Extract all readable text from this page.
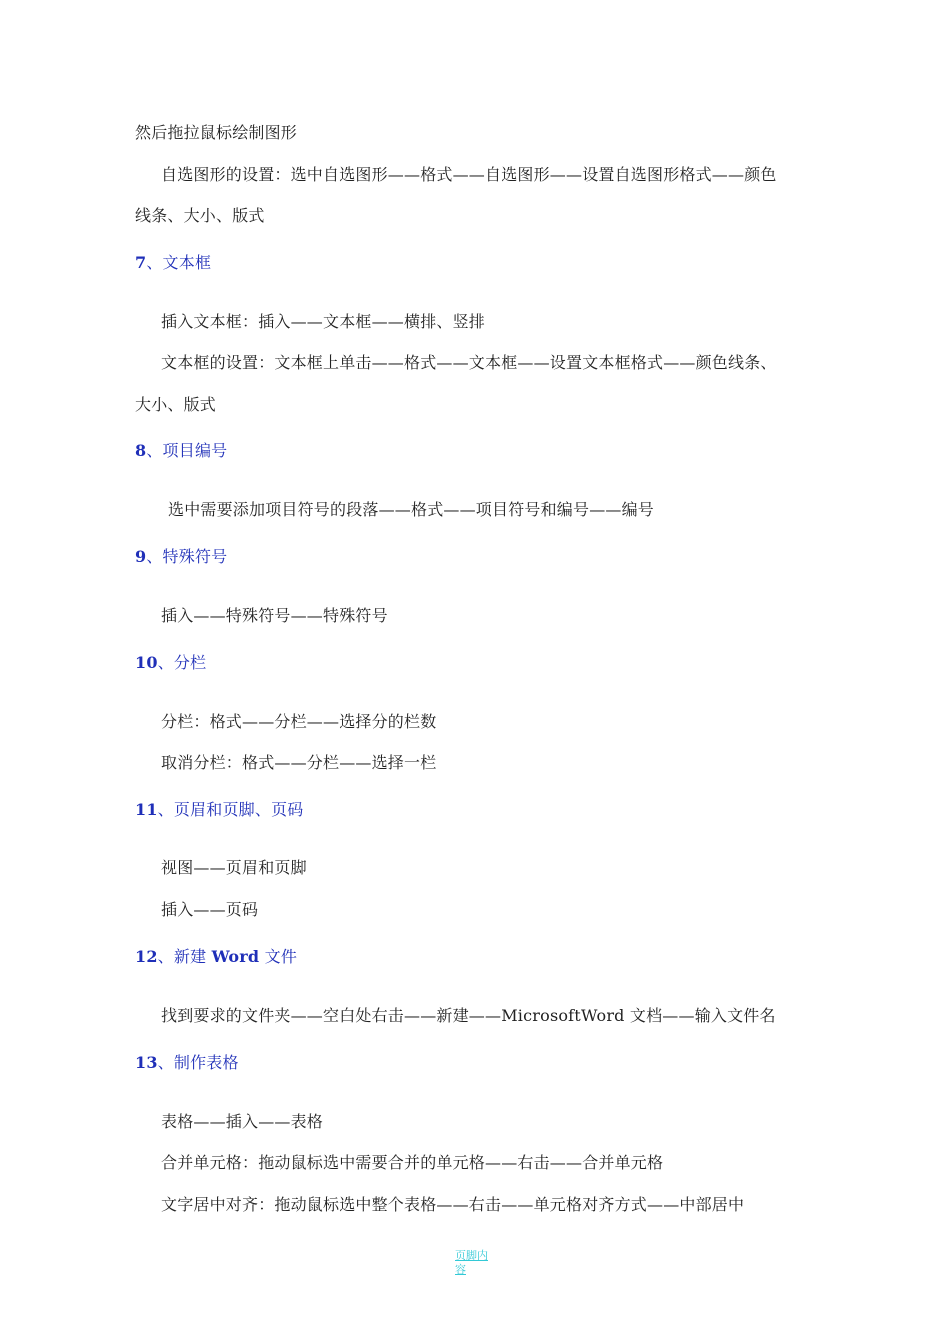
然后拖拉鼠标绘制图形
自选图形的设置：选中自选图形——格式——自选图形——设置自选图形格式——颜色
线条、大小、版式
7、文本框
插入文本框：插入——文本框——横排、竖排
文本框的设置：文本框上单击——格式——文本框——设置文本框格式——颜色线条、
大小、版式
8、项目编号
选中需要添加项目符号的段落——格式——项目符号和编号——编号
9、特殊符号
插入——特殊符号——特殊符号
10、分栏
分栏：格式——分栏——选择分的栏数
取消分栏：格式——分栏——选择一栏
11、页眉和页脚、页码
视图——页眉和页脚
插入——页码
12、新建 Word 文件
找到要求的文件夹——空白处右击——新建——MicrosoftWord 文档——输入文件名
13、制作表格
表格——插入——表格
合并单元格：拖动鼠标选中需要合并的单元格——右击——合并单元格
文字居中对齐：拖动鼠标选中整个表格——右击——单元格对齐方式——中部居中
页脚内容
